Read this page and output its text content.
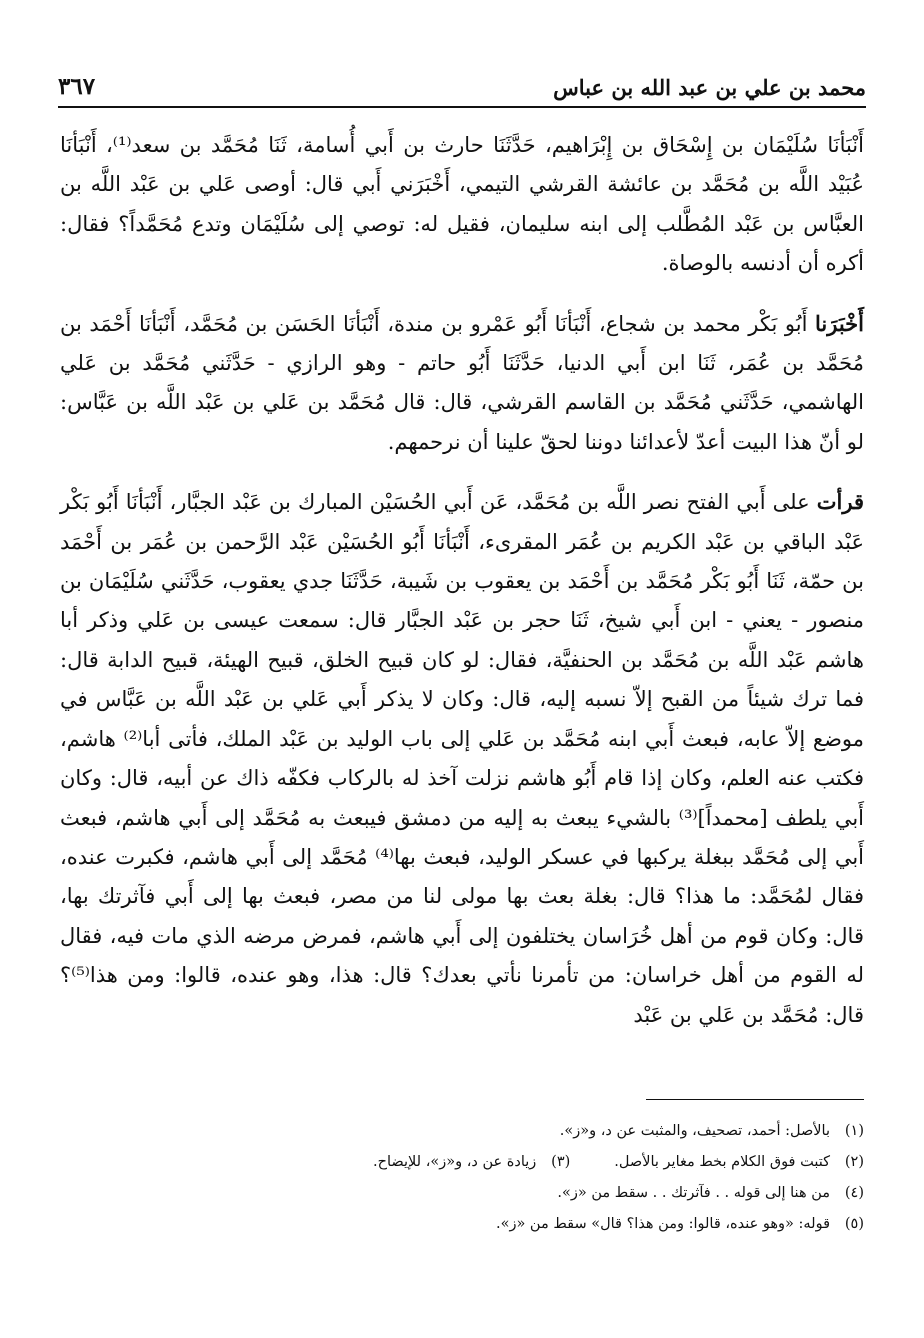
محمد بن علي بن عبد الله بن عباس
٣٦٧

أَنْبَأنَا سُلَيْمَان بن إِسْحَاق بن إِبْرَاهيم، حَدَّثَنَا حارث بن أَبي أُسامة، ثَنَا مُحَمَّد بن سعد⁽¹⁾، أَنْبَأنَا عُبَيْد اللَّه بن مُحَمَّد بن عائشة القرشي التيمي، أَخْبَرَني أَبي قال: أوصى عَلي بن عَبْد اللَّه بن العبَّاس بن عَبْد المُطَّلب إلى ابنه سليمان، فقيل له: توصي إلى سُلَيْمَان وتدع مُحَمَّداً؟ فقال: أكره أن أدنسه بالوصاة.

أَخْبَرَنا أَبُو بَكْر محمد بن شجاع، أَنْبَأنَا أَبُو عَمْرو بن مندة، أَنْبَأنَا الحَسَن بن مُحَمَّد، أَنْبَأنَا أَحْمَد بن مُحَمَّد بن عُمَر، ثَنَا ابن أَبي الدنيا، حَدَّثَنَا أَبُو حاتم - وهو الرازي - حَدَّثَني مُحَمَّد بن عَلي الهاشمي، حَدَّثَني مُحَمَّد بن القاسم القرشي، قال: قال مُحَمَّد بن عَلي بن عَبْد اللَّه بن عَبَّاس: لو أنّ هذا البيت أعدّ لأعدائنا دوننا لحقّ علينا أن نرحمهم.

قرأت على أَبي الفتح نصر اللَّه بن مُحَمَّد، عَن أَبي الحُسَيْن المبارك بن عَبْد الجبَّار، أَنْبَأنَا أَبُو بَكْر عَبْد الباقي بن عَبْد الكريم بن عُمَر المقرىء، أَنْبَأنَا أَبُو الحُسَيْن عَبْد الرَّحمن بن عُمَر بن أَحْمَد بن حمّة، ثَنَا أَبُو بَكْر مُحَمَّد بن أَحْمَد بن يعقوب بن شَيبة، حَدَّثَنَا جدي يعقوب، حَدَّثَني سُلَيْمَان بن منصور - يعني - ابن أَبي شيخ، ثَنَا حجر بن عَبْد الجبَّار قال: سمعت عيسى بن عَلي وذكر أبا هاشم عَبْد اللَّه بن مُحَمَّد بن الحنفيَّة، فقال: لو كان قبيح الخلق، قبيح الهيئة، قبيح الدابة قال: فما ترك شيئاً من القبح إلاّ نسبه إليه، قال: وكان لا يذكر أَبي عَلي بن عَبْد اللَّه بن عَبَّاس في موضع إلاّ عابه، فبعث أَبي ابنه مُحَمَّد بن عَلي إلى باب الوليد بن عَبْد الملك، فأتى أبا⁽²⁾ هاشم، فكتب عنه العلم، وكان إذا قام أَبُو هاشم نزلت آخذ له بالركاب فكفّه ذاك عن أبيه، قال: وكان أَبي يلطف [محمداً]⁽³⁾ بالشيء يبعث به إليه من دمشق فيبعث به مُحَمَّد إلى أَبي هاشم، فبعث أَبي إلى مُحَمَّد ببغلة يركبها في عسكر الوليد، فبعث بها⁽⁴⁾ مُحَمَّد إلى أَبي هاشم، فكبرت عنده، فقال لمُحَمَّد: ما هذا؟ قال: بغلة بعث بها مولى لنا من مصر، فبعث بها إلى أَبي فآثرتك بها، قال: وكان قوم من أهل خُرَاسان يختلفون إلى أَبي هاشم، فمرض مرضه الذي مات فيه، فقال له القوم من أهل خراسان: من تأمرنا نأتي بعدك؟ قال: هذا، وهو عنده، قالوا: ومن هذا⁽⁵⁾؟ قال: مُحَمَّد بن عَلي بن عَبْد

(١)بالأصل: أحمد، تصحيف، والمثبت عن د، و«ز».
(٢)كتبت فوق الكلام بخط مغاير بالأصل.
(٣)زيادة عن د، و«ز»، للإيضاح.
(٤)من هنا إلى قوله . . فآثرتك . . سقط من «ز».
(٥)قوله: «وهو عنده، قالوا: ومن هذا؟ قال» سقط من «ز».
